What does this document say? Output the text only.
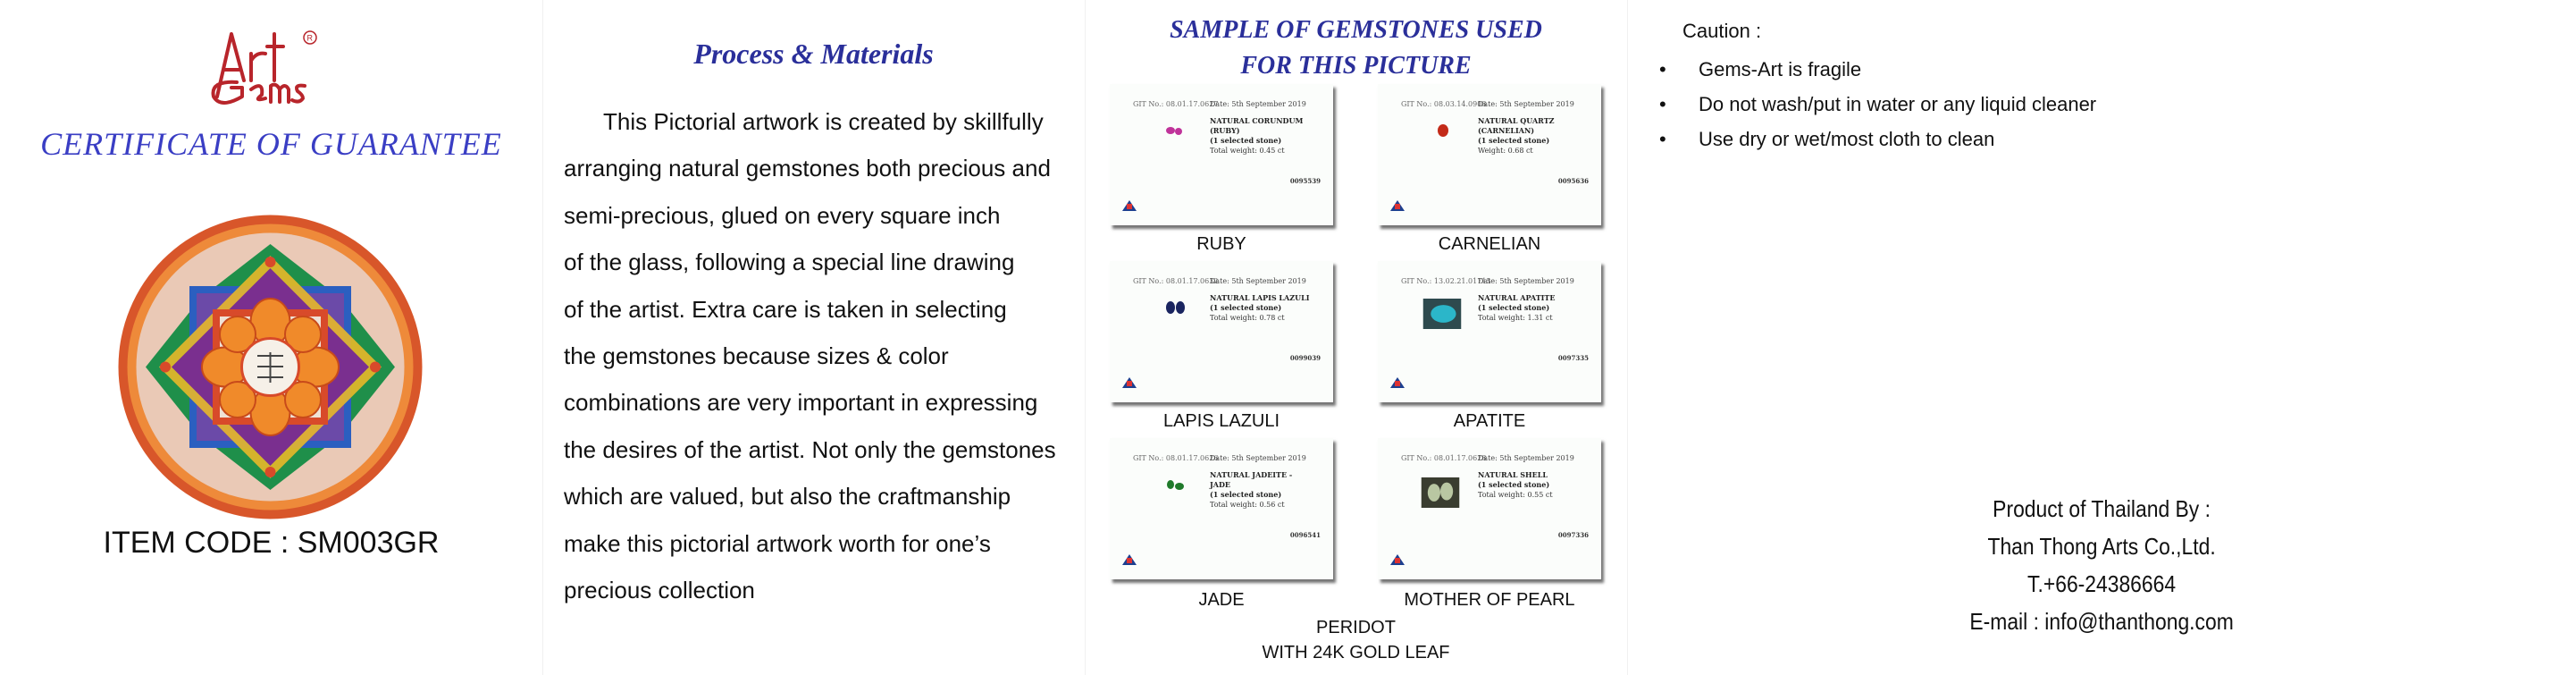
R
CERTIFICATE OF GUARANTEE
ITEM CODE : SM003GR
Process & Materials
This Pictorial artwork is created by skillfully
arranging natural gemstones both precious and
semi-precious, glued on every square inch
of the glass, following a special line drawing
of the artist. Extra care is taken in selecting
the gemstones because sizes & color
combinations are very important in expressing
the desires of the artist. Not only the gemstones
which are valued, but also the craftmanship
make this pictorial artwork worth for one’s
precious collection
SAMPLE OF GEMSTONES USED
FOR THIS PICTURE
GIT No.: 08.01.17.0627
Date: 5th September 2019
NATURAL CORUNDUM
(RUBY)
(1 selected stone)
Total weight: 0.45 ct
0095539
RUBY
GIT No.: 08.03.14.0908
Date: 5th September 2019
NATURAL QUARTZ
(CARNELIAN)
(1 selected stone)
Weight: 0.68 ct
0095636
CARNELIAN
GIT No.: 08.01.17.0632
Date: 5th September 2019
NATURAL LAPIS LAZULI
(1 selected stone)
Total weight: 0.78 ct

0099039
LAPIS LAZULI
GIT No.: 13.02.21.01715
Date: 5th September 2019
NATURAL APATITE
(1 selected stone)
Total weight: 1.31 ct

0097335
APATITE
GIT No.: 08.01.17.0626
Date: 5th September 2019
NATURAL JADEITE -
JADE
(1 selected stone)
Total weight: 0.56 ct
0096541
JADE
GIT No.: 08.01.17.0628
Date: 5th September 2019
NATURAL SHELL
(1 selected stone)
Total weight: 0.55 ct

0097336
MOTHER OF PEARL
PERIDOT
WITH 24K GOLD LEAF
Caution :
• Gems-Art is fragile
• Do not wash/put in water or any liquid cleaner
• Use dry or wet/most cloth to clean
Product of Thailand By :
Than Thong Arts Co.,Ltd.
T.+66-24386664
E-mail : info@thanthong.com
